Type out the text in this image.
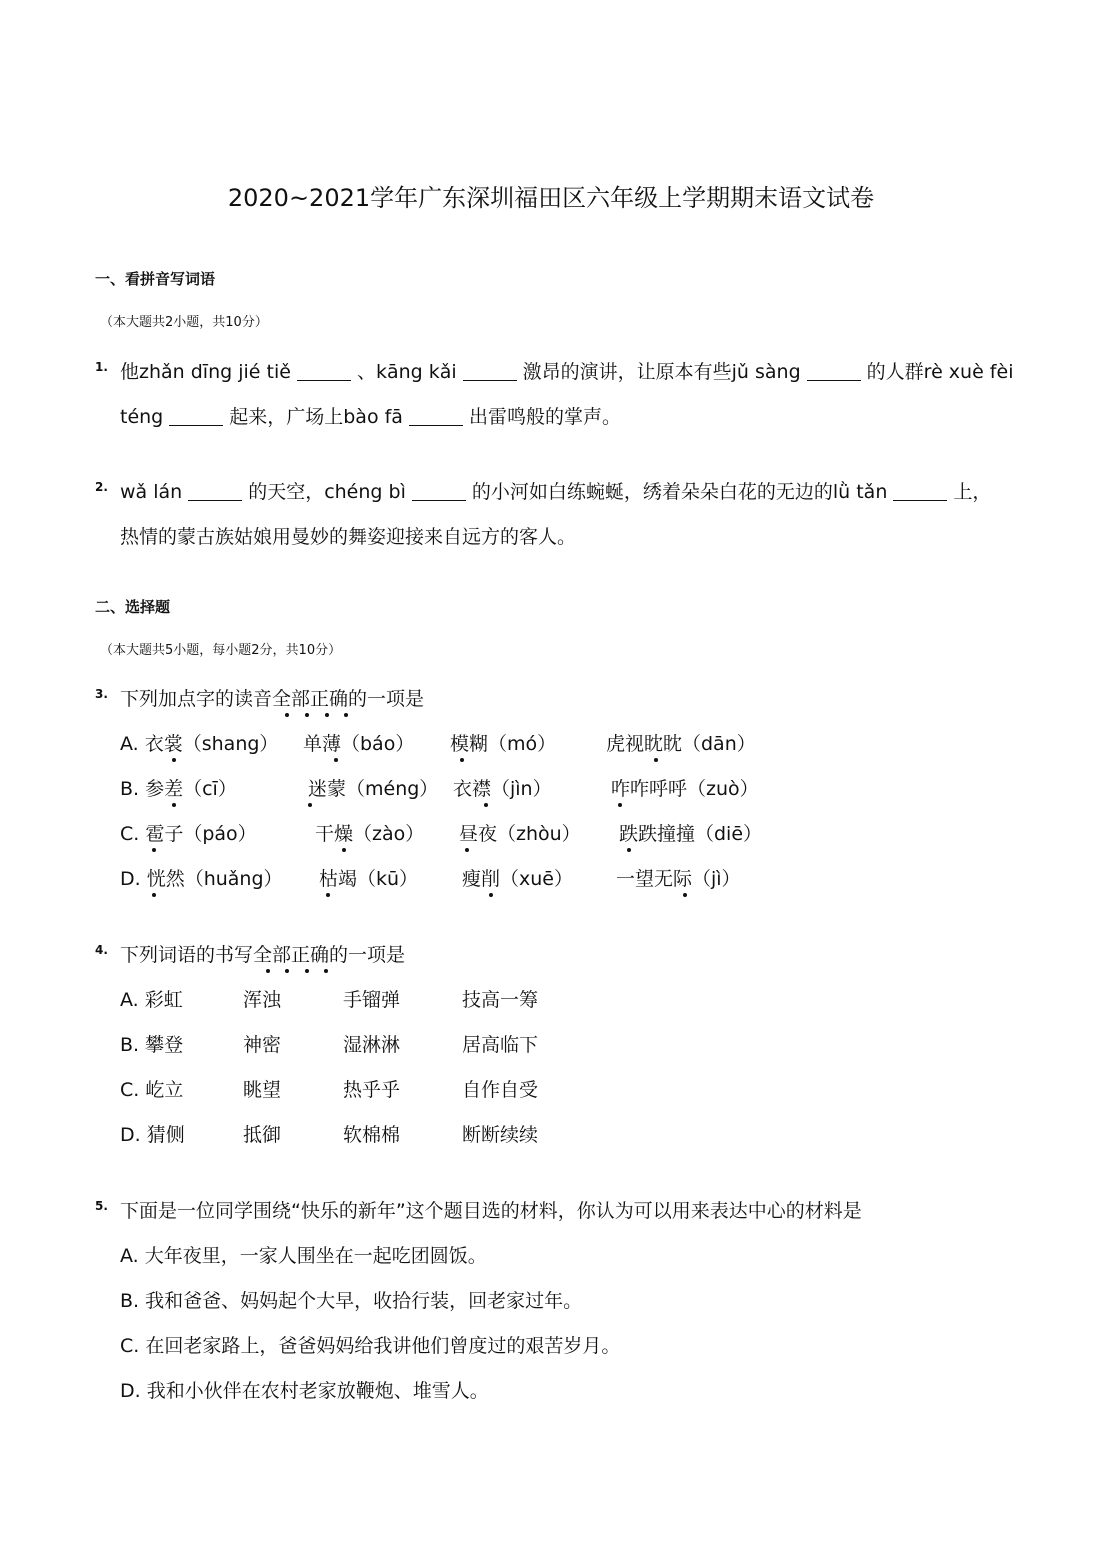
2020~2021学年广东深圳福田区六年级上学期期末语文试卷
一、看拼音写词语
（本大题共2小题，共10分）
1. 他zhǎn dīng jié tiě	、kāng kǎi	激昂的演讲，让原本有些jǔ sàng	的人群rè xuè fèi
téng	起来，广场上bào fā	出雷鸣般的掌声。
2. wǎ lán	的天空，chéng bì	的小河如白练蜿蜒，绣着朵朵白花的无边的lǜ tǎn	上，
热情的蒙古族姑娘用曼妙的舞姿迎接来自远方的客人。
二、选择题
（本大题共5小题，每小题2分，共10分）
3. 下列加点字的读音全部正确的一项是
A. 衣裳（shang） 单薄（báo） 模糊（mó）	虎视眈眈（dān）
B. 参差（cī）	迷蒙（méng） 衣襟（jìn）	咋咋呼呼（zuò）
C. 雹子（páo）	干燥（zào） 昼夜（zhòu） 跌跌撞撞（diē）
D. 恍然（huǎng） 枯竭（kū） 瘦削（xuē） 一望无际（jì）
4. 下列词语的书写全部正确的一项是
A. 彩虹	浑浊	手镏弹	技高一筹
B. 攀登	神密	湿淋淋	居高临下
C. 屹立	眺望	热乎乎	自作自受
D. 猜侧	抵御	软棉棉	断断续续
5. 下面是一位同学围绕“快乐的新年”这个题目选的材料，你认为可以用来表达中心的材料是
A. 大年夜里，一家人围坐在一起吃团圆饭。
B. 我和爸爸、妈妈起个大早，收拾行装，回老家过年。
C. 在回老家路上，爸爸妈妈给我讲他们曾度过的艰苦岁月。
D. 我和小伙伴在农村老家放鞭炮、堆雪人。
